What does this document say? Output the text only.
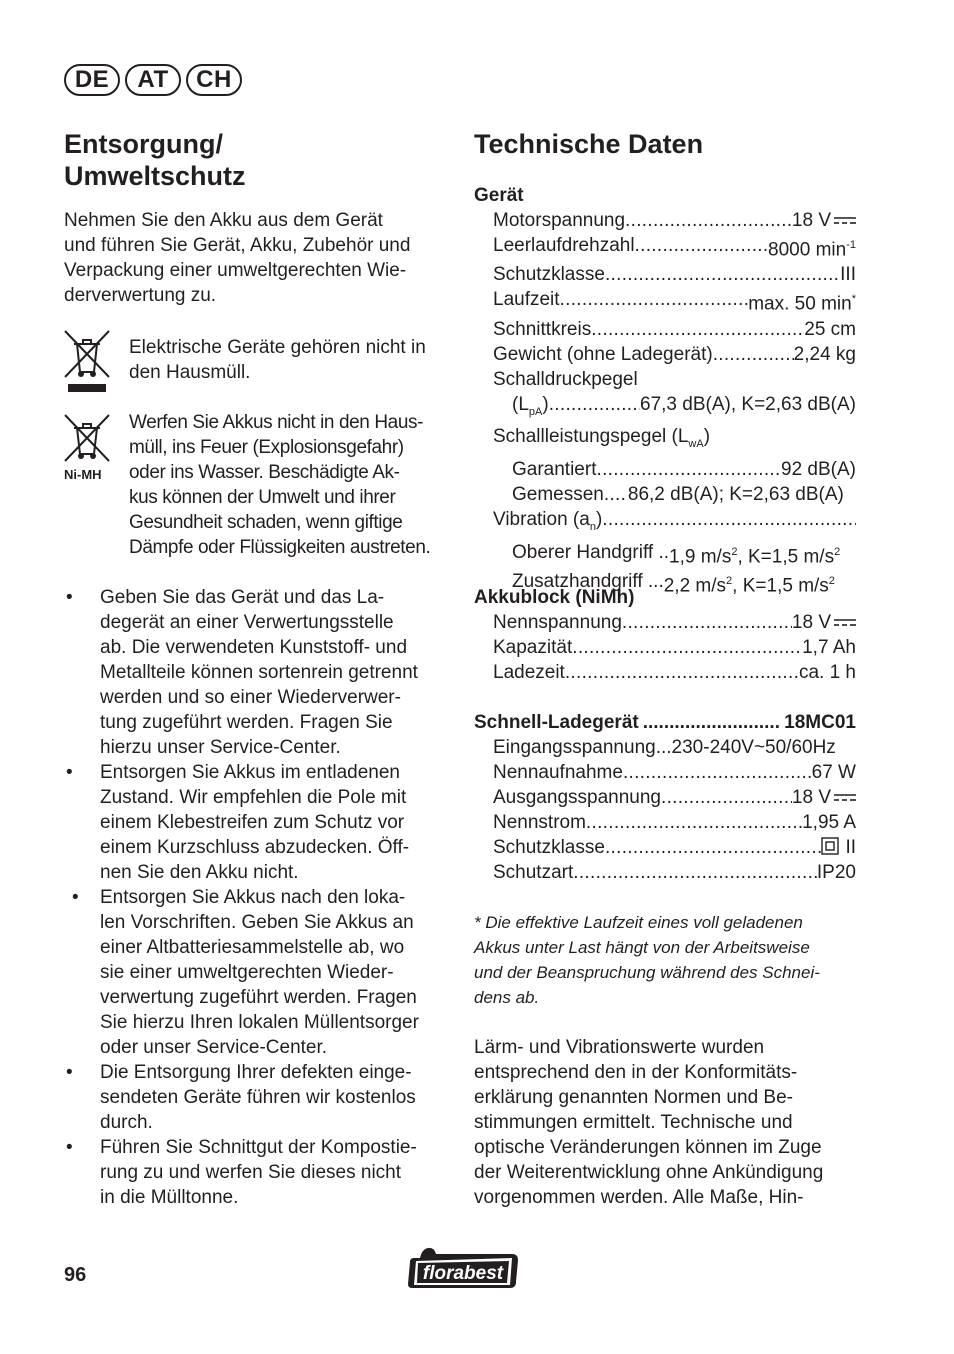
DE	AT	CH
Entsorgung/
Umweltschutz
Nehmen Sie den Akku aus dem Gerät
und führen Sie Gerät, Akku, Zubehör und
Verpackung einer umweltgerechten Wie-
derverwertung zu.
Elektrische Geräte gehören nicht in
den Hausmüll.
Ni-MH
Werfen Sie Akkus nicht in den Haus-
müll, ins Feuer (Explosionsgefahr)
oder ins Wasser. Beschädigte Ak-
kus können der Umwelt und ihrer
Gesundheit schaden, wenn giftige
Dämpfe oder Flüssigkeiten austreten.
• Geben Sie das Gerät und das La-
degerät an einer Verwertungsstelle
ab. Die verwendeten Kunststoff- und
Metallteile können sortenrein getrennt
werden und so einer Wiederverwer-
tung zugeführt werden. Fragen Sie
hierzu unser Service-Center.
• Entsorgen Sie Akkus im entladenen
Zustand. Wir empfehlen die Pole mit
einem Klebestreifen zum Schutz vor
einem Kurzschluss abzudecken. Öff-
nen Sie den Akku nicht.
• Entsorgen Sie Akkus nach den loka-
len Vorschriften. Geben Sie Akkus an
einer Altbatteriesammelstelle ab, wo
sie einer umweltgerechten Wieder-
verwertung zugeführt werden. Fragen
Sie hierzu Ihren lokalen Müllentsorger
oder unser Service-Center.
• Die Entsorgung Ihrer defekten einge-
sendeten Geräte führen wir kostenlos
durch.
• Führen Sie Schnittgut der Kompostie-
rung zu und werfen Sie dieses nicht
in die Mülltonne.
Technische Daten
Gerät
Motorspannung .....	18 V
Leerlaufdrehzahl .....	8000 $\min^{-1}$
Schutzklasse .....	III
Laufzeit .....	max. 50 min*
Schnittkreis .....	25 cm
Gewicht (ohne Ladegerät) .....	2,24 kg
Schalldruckpegel
$(L_{pA})$ .....	67,3 dB(A), K=2,63 dB(A)
Schallleistungspegel $(L_{wA})$
Garantiert .....	92 dB(A)
Gemessen ..... 86,2 dB(A); K=2,63 dB(A)
Vibration $(a_n)$
.....
Oberer Handgriff .. 1,9 $m/s^2$, K=1,5 $m/s^2$
Zusatzhandgriff ... 2,2 $m/s^2$, K=1,5 $m/s^2$
Akkublock (NiMh)
Nennspannung .....	18 V
Kapazität .....	1,7 Ah
Ladezeit .....	ca. 1 h
Schnell-Ladegerät .....	18MC01
Eingangsspannung... 230-240V~50/60Hz
Nennaufnahme .....	67 W
Ausgangsspannung .....	18 V
Nennstrom .....	1,95 A
Schutzklasse .....	II
Schutzart .....	IP20
* Die effektive Laufzeit eines voll geladenen
Akkus unter Last hängt von der Arbeitsweise
und der Beanspruchung während des Schnei-
dens ab.
Lärm- und Vibrationswerte wurden
entsprechend den in der Konformitäts-
erklärung genannten Normen und Be-
stimmungen ermittelt. Technische und
optische Veränderungen können im Zuge
der Weiterentwicklung ohne Ankündigung
vorgenommen werden. Alle Maße, Hin-
96	florabest
